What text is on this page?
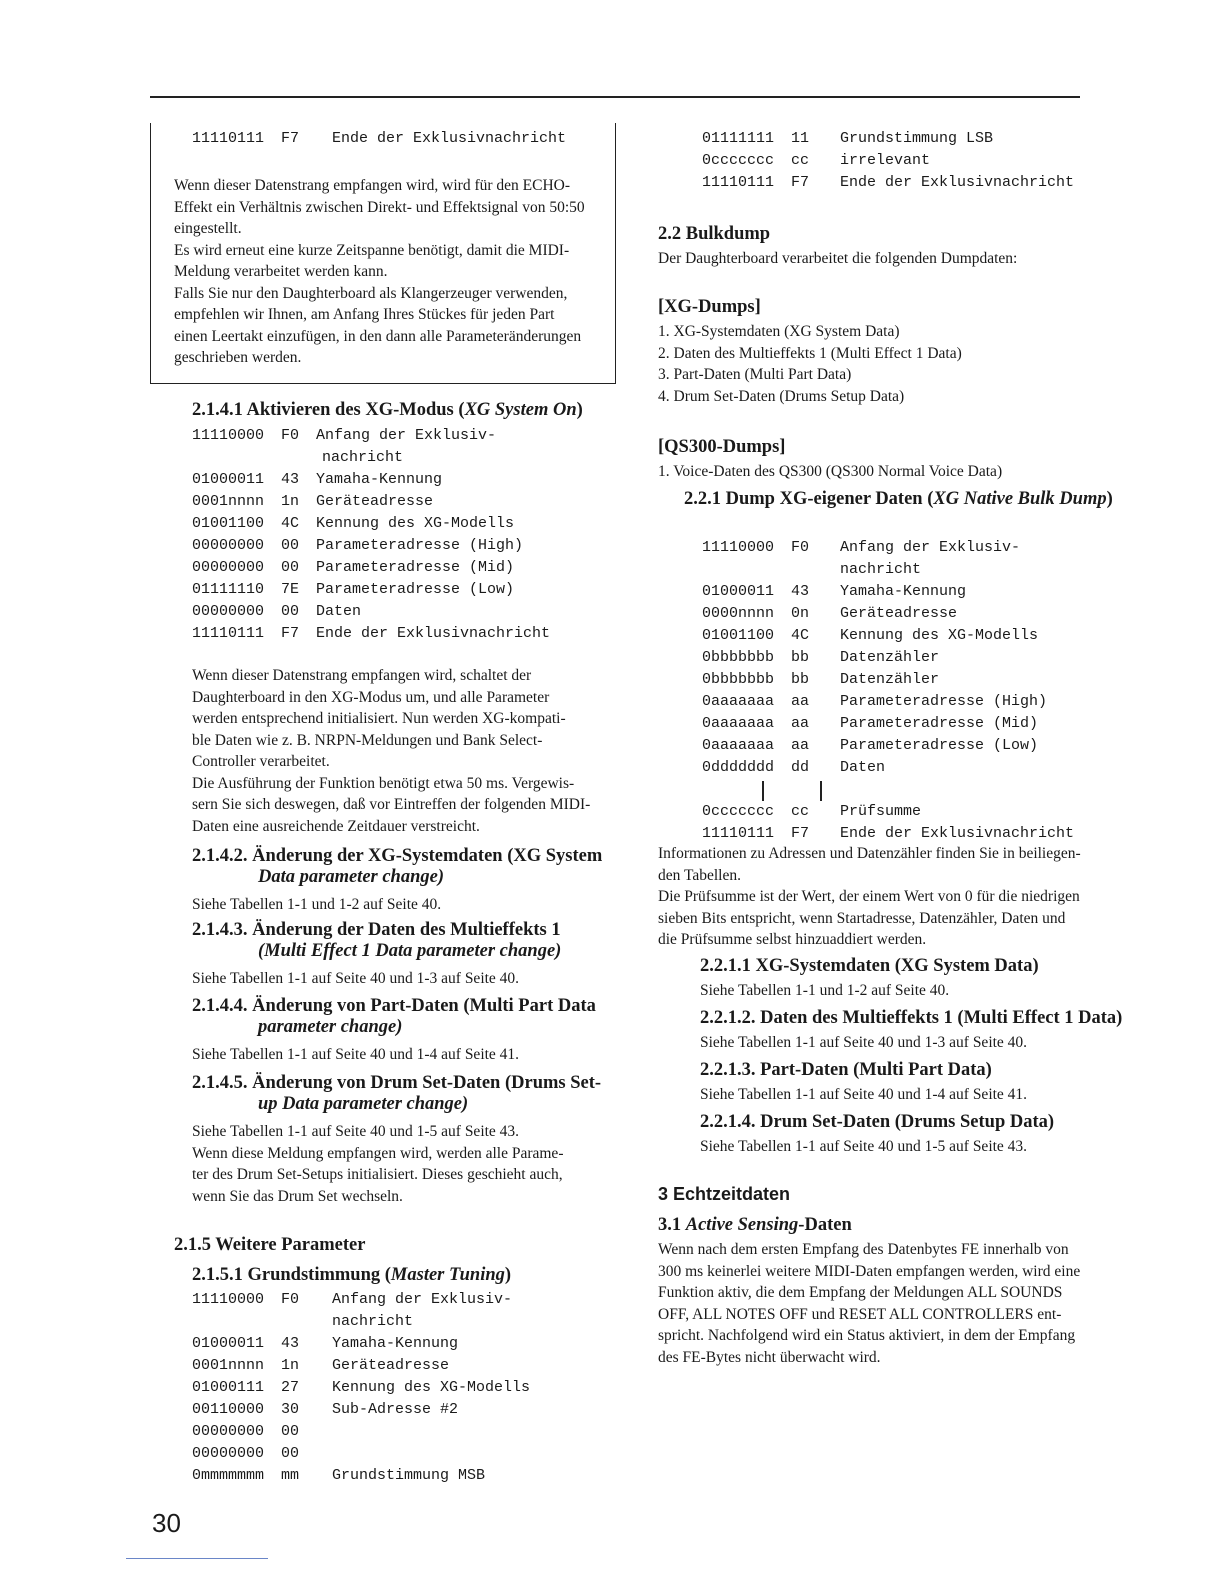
11110111

F7

Ende der Exklusivnachricht

Wenn dieser Datenstrang empfangen wird, wird für den ECHO-
Effekt ein Verhältnis zwischen Direkt- und Effektsignal von 50:50
eingestellt.
Es wird erneut eine kurze Zeitspanne benötigt, damit die MIDI-
Meldung verarbeitet werden kann.
Falls Sie nur den Daughterboard als Klangerzeuger verwenden,
empfehlen wir Ihnen, am Anfang Ihres Stückes für jeden Part
einen Leertakt einzufügen, in den dann alle Parameteränderungen
geschrieben werden.
2.1.4.1 Aktivieren des XG-Modus (XG System On)

11110000 F0 Anfang der Exklusiv-

nachricht

01000011 43 Yamaha-Kennung

0001nnnn 1n Geräteadresse

01001100 4C Kennung des XG-Modells

00000000 00 Parameteradresse (High)

00000000 00 Parameteradresse (Mid)

01111110 7E Parameteradresse (Low)

00000000 00 Daten

11110111 F7 Ende der Exklusivnachricht

Wenn dieser Datenstrang empfangen wird, schaltet der
Daughterboard in den XG-Modus um, und alle Parameter
werden entsprechend initialisiert. Nun werden XG-kompati-
ble Daten wie z. B. NRPN-Meldungen und Bank Select-
Controller verarbeitet.
Die Ausführung der Funktion benötigt etwa 50 ms. Vergewis-
sern Sie sich deswegen, daß vor Eintreffen der folgenden MIDI-
Daten eine ausreichende Zeitdauer verstreicht.
2.1.4.2. Änderung der XG-Systemdaten (XG System
Data parameter change)
Siehe Tabellen 1-1 und 1-2 auf Seite 40.
2.1.4.3. Änderung der Daten des Multieffekts 1
(Multi Effect 1 Data parameter change)
Siehe Tabellen 1-1 auf Seite 40 und 1-3 auf Seite 40.
2.1.4.4. Änderung von Part-Daten (Multi Part Data
parameter change)
Siehe Tabellen 1-1 auf Seite 40 und 1-4 auf Seite 41.
2.1.4.5. Änderung von Drum Set-Daten (Drums Set-
up Data parameter change)
Siehe Tabellen 1-1 auf Seite 40 und 1-5 auf Seite 43.
Wenn diese Meldung empfangen wird, werden alle Parame-
ter des Drum Set-Setups initialisiert. Dieses geschieht auch,
wenn Sie das Drum Set wechseln.
2.1.5 Weitere Parameter
2.1.5.1 Grundstimmung (Master Tuning)

11110000 F0 Anfang der Exklusiv-

nachricht

01000011 43 Yamaha-Kennung

0001nnnn 1n Geräteadresse

01000111 27 Kennung des XG-Modells

00110000 30 Sub-Adresse #2

00000000 00

00000000 00

0mmmmmmm mm Grundstimmung MSB

30

01111111 11 Grundstimmung LSB

0ccccccc cc irrelevant

11110111 F7 Ende der Exklusivnachricht

2.2 Bulkdump
Der Daughterboard verarbeitet die folgenden Dumpdaten:
[XG-Dumps]
1. XG-Systemdaten (XG System Data)
2. Daten des Multieffekts 1 (Multi Effect 1 Data)
3. Part-Daten (Multi Part Data)
4. Drum Set-Daten (Drums Setup Data)
[QS300-Dumps]
1. Voice-Daten des QS300 (QS300 Normal Voice Data)
2.2.1 Dump XG-eigener Daten (XG Native Bulk Dump)

11110000 F0 Anfang der Exklusiv-

nachricht

01000011 43 Yamaha-Kennung

0000nnnn 0n Geräteadresse

01001100 4C Kennung des XG-Modells

0bbbbbbb bb Datenzähler

0bbbbbbb bb Datenzähler

0aaaaaaa aa Parameteradresse (High)

0aaaaaaa aa Parameteradresse (Mid)

0aaaaaaa aa Parameteradresse (Low)

0ddddddd dd Daten

0ccccccc cc Prüfsumme

11110111 F7 Ende der Exklusivnachricht

Informationen zu Adressen und Datenzähler finden Sie in beiliegen-
den Tabellen.
Die Prüfsumme ist der Wert, der einem Wert von 0 für die niedrigen
sieben Bits entspricht, wenn Startadresse, Datenzähler, Daten und
die Prüfsumme selbst hinzuaddiert werden.
2.2.1.1 XG-Systemdaten (XG System Data)
Siehe Tabellen 1-1 und 1-2 auf Seite 40.
2.2.1.2. Daten des Multieffekts 1 (Multi Effect 1 Data)
Siehe Tabellen 1-1 auf Seite 40 und 1-3 auf Seite 40.
2.2.1.3. Part-Daten (Multi Part Data)
Siehe Tabellen 1-1 auf Seite 40 und 1-4 auf Seite 41.
2.2.1.4. Drum Set-Daten (Drums Setup Data)
Siehe Tabellen 1-1 auf Seite 40 und 1-5 auf Seite 43.
3 Echtzeitdaten
3.1 Active Sensing-Daten
Wenn nach dem ersten Empfang des Datenbytes FE innerhalb von
300 ms keinerlei weitere MIDI-Daten empfangen werden, wird eine
Funktion aktiv, die dem Empfang der Meldungen ALL SOUNDS
OFF, ALL NOTES OFF und RESET ALL CONTROLLERS ent-
spricht. Nachfolgend wird ein Status aktiviert, in dem der Empfang
des FE-Bytes nicht überwacht wird.
